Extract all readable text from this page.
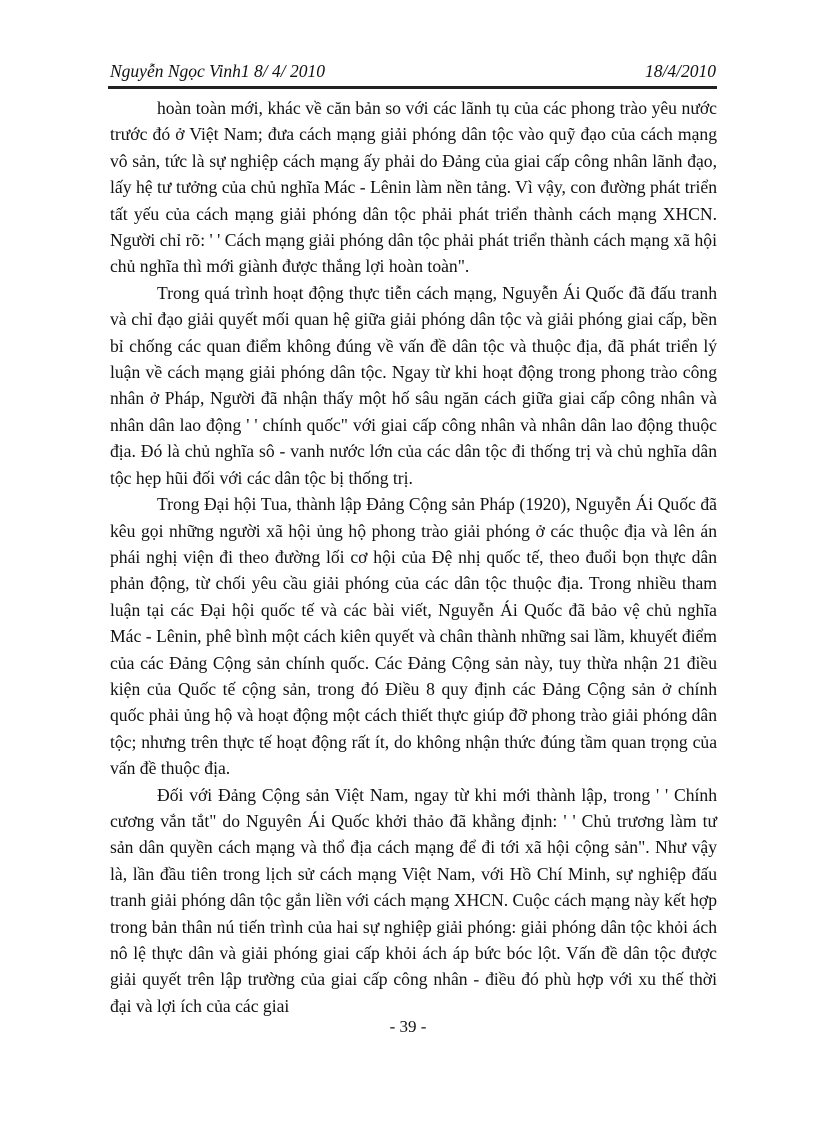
Nguyễn Ngọc Vinh1 8/ 4/ 2010	18/4/2010

hoàn toàn mới, khác về căn bản so với các lãnh tụ của các phong trào yêu nước trước đó ở Việt Nam; đưa cách mạng giải phóng dân tộc vào quỹ đạo của cách mạng vô sản, tức là sự nghiệp cách mạng ấy phải do Đảng của giai cấp công nhân lãnh đạo, lấy hệ tư tưởng của chủ nghĩa Mác - Lênin làm nền tảng. Vì vậy, con đường phát triển tất yếu của cách mạng giải phóng dân tộc phải phát triển thành cách mạng XHCN. Người chỉ rõ: ' ' Cách mạng giải phóng dân tộc phải phát triển thành cách mạng xã hội chủ nghĩa thì mới giành được thắng lợi hoàn toàn".

Trong quá trình hoạt động thực tiễn cách mạng, Nguyễn Ái Quốc đã đấu tranh và chỉ đạo giải quyết mối quan hệ giữa giải phóng dân tộc và giải phóng giai cấp, bền bỉ chống các quan điểm không đúng về vấn đề dân tộc và thuộc địa, đã phát triển lý luận về cách mạng giải phóng dân tộc. Ngay từ khi hoạt động trong phong trào công nhân ở Pháp, Người đã nhận thấy một hố sâu ngăn cách giữa giai cấp công nhân và nhân dân lao động ' ' chính quốc" với giai cấp công nhân và nhân dân lao động thuộc địa. Đó là chủ nghĩa sô - vanh nước lớn của các dân tộc đi thống trị và chủ nghĩa dân tộc hẹp hũi đối với các dân tộc bị thống trị.

Trong Đại hội Tua, thành lập Đảng Cộng sản Pháp (1920), Nguyễn Ái Quốc đã kêu gọi những người xã hội ủng hộ phong trào giải phóng ở các thuộc địa và lên án phái nghị viện đi theo đường lối cơ hội của Đệ nhị quốc tế, theo đuổi bọn thực dân phản động, từ chối yêu cầu giải phóng của các dân tộc thuộc địa. Trong nhiều tham luận tại các Đại hội quốc tế và các bài viết, Nguyễn Ái Quốc đã bảo vệ chủ nghĩa Mác - Lênin, phê bình một cách kiên quyết và chân thành những sai lầm, khuyết điểm của các Đảng Cộng sản chính quốc. Các Đảng Cộng sản này, tuy thừa nhận 21 điều kiện của Quốc tế cộng sản, trong đó Điều 8 quy định các Đảng Cộng sản ở chính quốc phải ủng hộ và hoạt động một cách thiết thực giúp đỡ phong trào giải phóng dân tộc; nhưng trên thực tế hoạt động rất ít, do không nhận thức đúng tầm quan trọng của vấn đề thuộc địa.

Đối với Đảng Cộng sản Việt Nam, ngay từ khi mới thành lập, trong ' ' Chính cương vắn tắt" do Nguyên Ái Quốc khởi thảo đã khẳng định: ' ' Chủ trương làm tư sản dân quyền cách mạng và thổ địa cách mạng để đi tới xã hội cộng sản". Như vậy là, lần đầu tiên trong lịch sử cách mạng Việt Nam, với Hồ Chí Minh, sự nghiệp đấu tranh giải phóng dân tộc gắn liền với cách mạng XHCN. Cuộc cách mạng này kết hợp trong bản thân nú tiến trình của hai sự nghiệp giải phóng: giải phóng dân tộc khỏi ách nô lệ thực dân và giải phóng giai cấp khỏi ách áp bức bóc lột. Vấn đề dân tộc được giải quyết trên lập trường của giai cấp công nhân - điều đó phù hợp với xu thế thời đại và lợi ích của các giai

- 39 -
